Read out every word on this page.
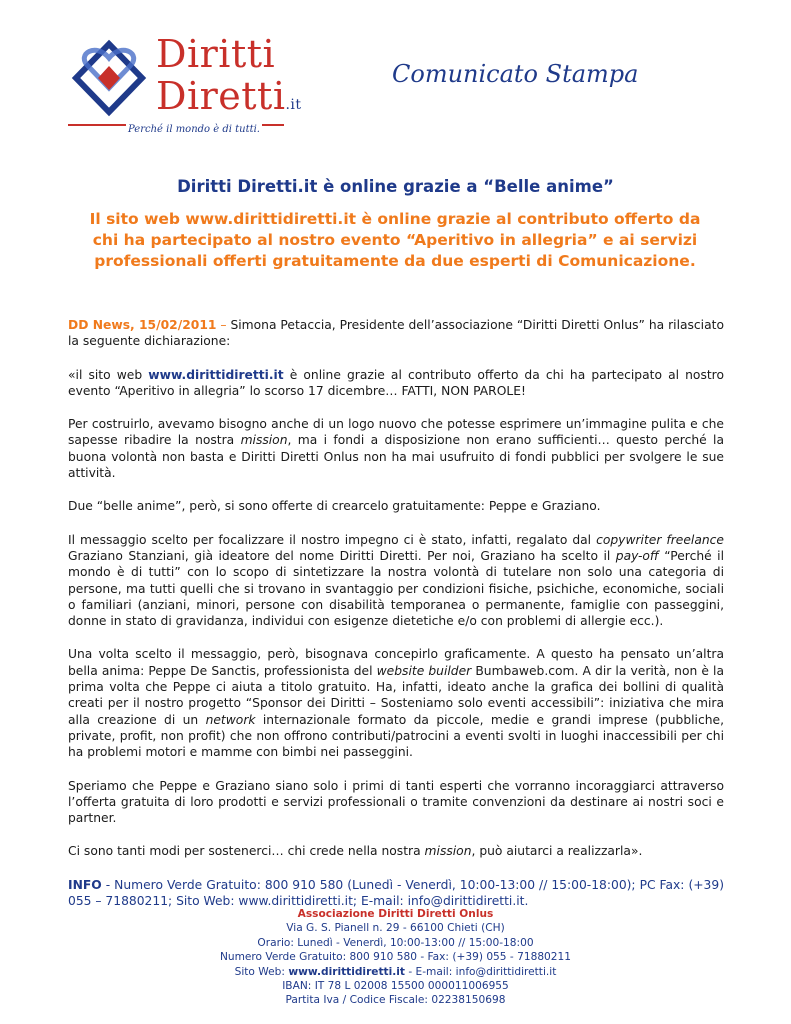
Diritti
Diretti.it
Perché il mondo è di tutti.
Comunicato Stampa
Diritti Diretti.it è online grazie a “Belle anime”
Il sito web www.dirittidiretti.it è online grazie al contributo offerto da chi ha partecipato al nostro evento “Aperitivo in allegria” e ai servizi professionali offerti gratuitamente da due esperti di Comunicazione.

DD News, 15/02/2011 – Simona Petaccia, Presidente dell’associazione “Diritti Diretti Onlus” ha rilasciato la seguente dichiarazione:

«il sito web www.dirittidiretti.it è online grazie al contributo offerto da chi ha partecipato al nostro evento “Aperitivo in allegria” lo scorso 17 dicembre… FATTI, NON PAROLE!

Per costruirlo, avevamo bisogno anche di un logo nuovo che potesse esprimere un’immagine pulita e che sapesse ribadire la nostra mission, ma i fondi a disposizione non erano sufficienti… questo perché la buona volontà non basta e Diritti Diretti Onlus non ha mai usufruito di fondi pubblici per svolgere le sue attività.

Due “belle anime”, però, si sono offerte di crearcelo gratuitamente: Peppe e Graziano.

Il messaggio scelto per focalizzare il nostro impegno ci è stato, infatti, regalato dal copywriter freelance Graziano Stanziani, già ideatore del nome Diritti Diretti. Per noi, Graziano ha scelto il pay-off “Perché il mondo è di tutti” con lo scopo di sintetizzare la nostra volontà di tutelare non solo una categoria di persone, ma tutti quelli che si trovano in svantaggio per condizioni fisiche, psichiche, economiche, sociali o familiari (anziani, minori, persone con disabilità temporanea o permanente, famiglie con passeggini, donne in stato di gravidanza, individui con esigenze dietetiche e/o con problemi di allergie ecc.).

Una volta scelto il messaggio, però, bisognava concepirlo graficamente. A questo ha pensato un’altra bella anima: Peppe De Sanctis, professionista del website builder Bumbaweb.com. A dir la verità, non è la prima volta che Peppe ci aiuta a titolo gratuito. Ha, infatti, ideato anche la grafica dei bollini di qualità creati per il nostro progetto “Sponsor dei Diritti – Sosteniamo solo eventi accessibili”: iniziativa che mira alla creazione di un network internazionale formato da piccole, medie e grandi imprese (pubbliche, private, profit, non profit) che non offrono contributi/patrocini a eventi svolti in luoghi inaccessibili per chi ha problemi motori e mamme con bimbi nei passeggini.

Speriamo che Peppe e Graziano siano solo i primi di tanti esperti che vorranno incoraggiarci attraverso l’offerta gratuita di loro prodotti e servizi professionali o tramite convenzioni da destinare ai nostri soci e partner.

Ci sono tanti modi per sostenerci… chi crede nella nostra mission, può aiutarci a realizzarla».

INFO - Numero Verde Gratuito: 800 910 580 (Lunedì - Venerdì, 10:00-13:00 // 15:00-18:00); PC Fax: (+39) 055 – 71880211; Sito Web: www.dirittidiretti.it; E-mail: info@dirittidiretti.it.

Associazione Diritti Diretti Onlus
Via G. S. Pianell n. 29 - 66100 Chieti (CH)
Orario: Lunedì - Venerdì, 10:00-13:00 // 15:00-18:00
Numero Verde Gratuito: 800 910 580 - Fax: (+39) 055 - 71880211
Sito Web: www.dirittidiretti.it - E-mail: info@dirittidiretti.it
IBAN: IT 78 L 02008 15500 000011006955
Partita Iva / Codice Fiscale: 02238150698
